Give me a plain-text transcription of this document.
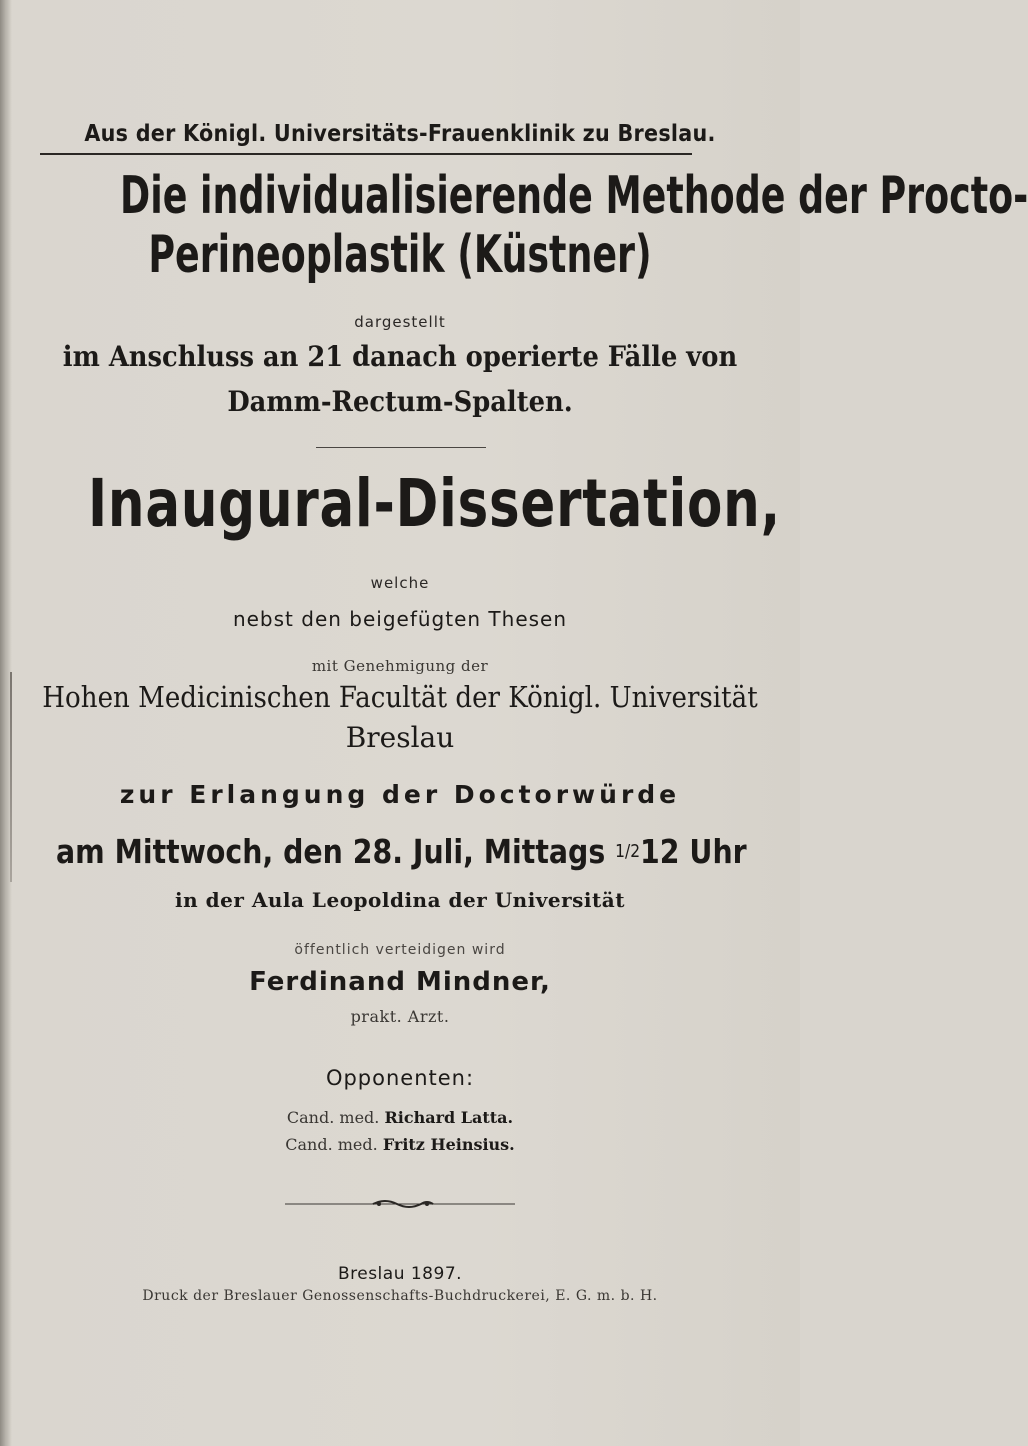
Aus der Königl. Universitäts-Frauenklinik zu Breslau.
Die individualisierende Methode der Procto-
Perineoplastik (Küstner)
dargestellt
im Anschluss an 21 danach operierte Fälle von
Damm-Rectum-Spalten.
Inaugural-Dissertation,
welche
nebst den beigefügten Thesen
mit Genehmigung der
Hohen Medicinischen Facultät der Königl. Universität
Breslau
zur Erlangung der Doctorwürde
am Mittwoch, den 28. Juli, Mittags 1/212 Uhr
in der Aula Leopoldina der Universität
öffentlich verteidigen wird
Ferdinand Mindner,
prakt. Arzt.
Opponenten:
Cand. med. Richard Latta.
Cand. med. Fritz Heinsius.
Breslau 1897.
Druck der Breslauer Genossenschafts-Buchdruckerei, E. G. m. b. H.
